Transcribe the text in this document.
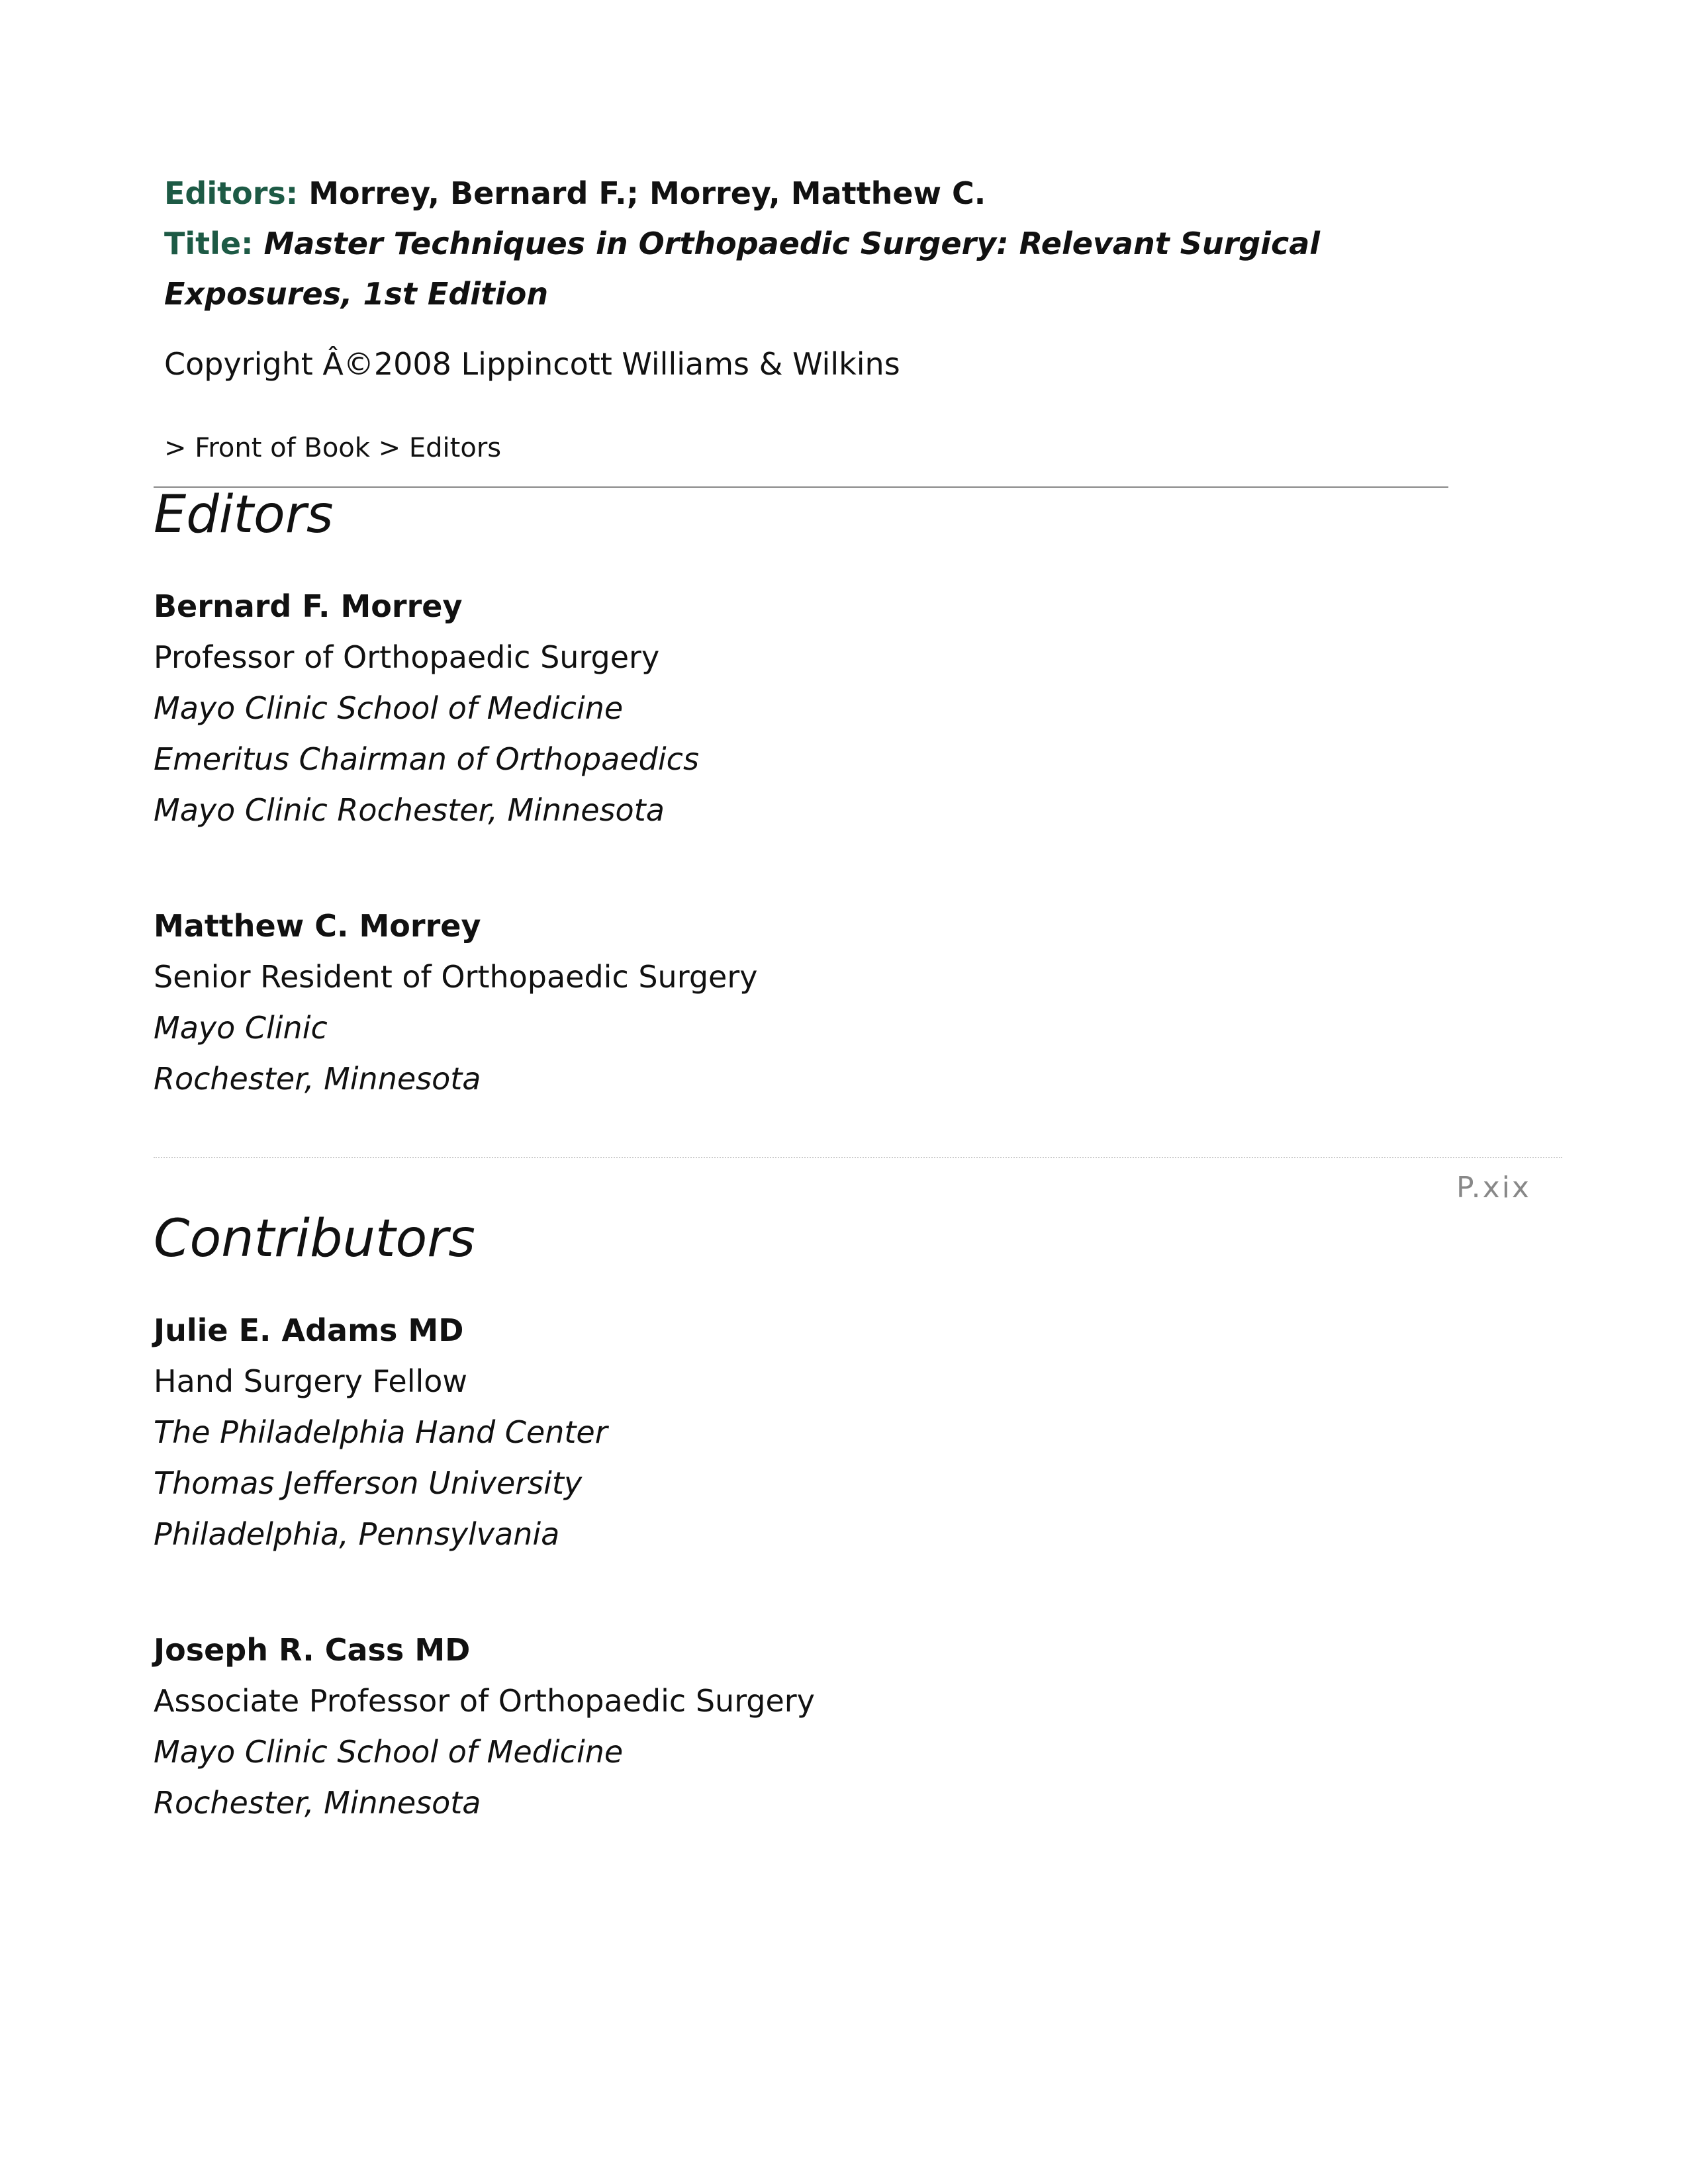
Editors: Morrey, Bernard F.; Morrey, Matthew C.
Title: Master Techniques in Orthopaedic Surgery: Relevant Surgical
Exposures, 1st Edition
Copyright Â©2008 Lippincott Williams & Wilkins
> Front of Book > Editors
Editors
Bernard F. Morrey
Professor of Orthopaedic Surgery
Mayo Clinic School of Medicine
Emeritus Chairman of Orthopaedics
Mayo Clinic Rochester, Minnesota
Matthew C. Morrey
Senior Resident of Orthopaedic Surgery
Mayo Clinic
Rochester, Minnesota
P.xix
Contributors
Julie E. Adams MD
Hand Surgery Fellow
The Philadelphia Hand Center
Thomas Jefferson University
Philadelphia, Pennsylvania
Joseph R. Cass MD
Associate Professor of Orthopaedic Surgery
Mayo Clinic School of Medicine
Rochester, Minnesota
